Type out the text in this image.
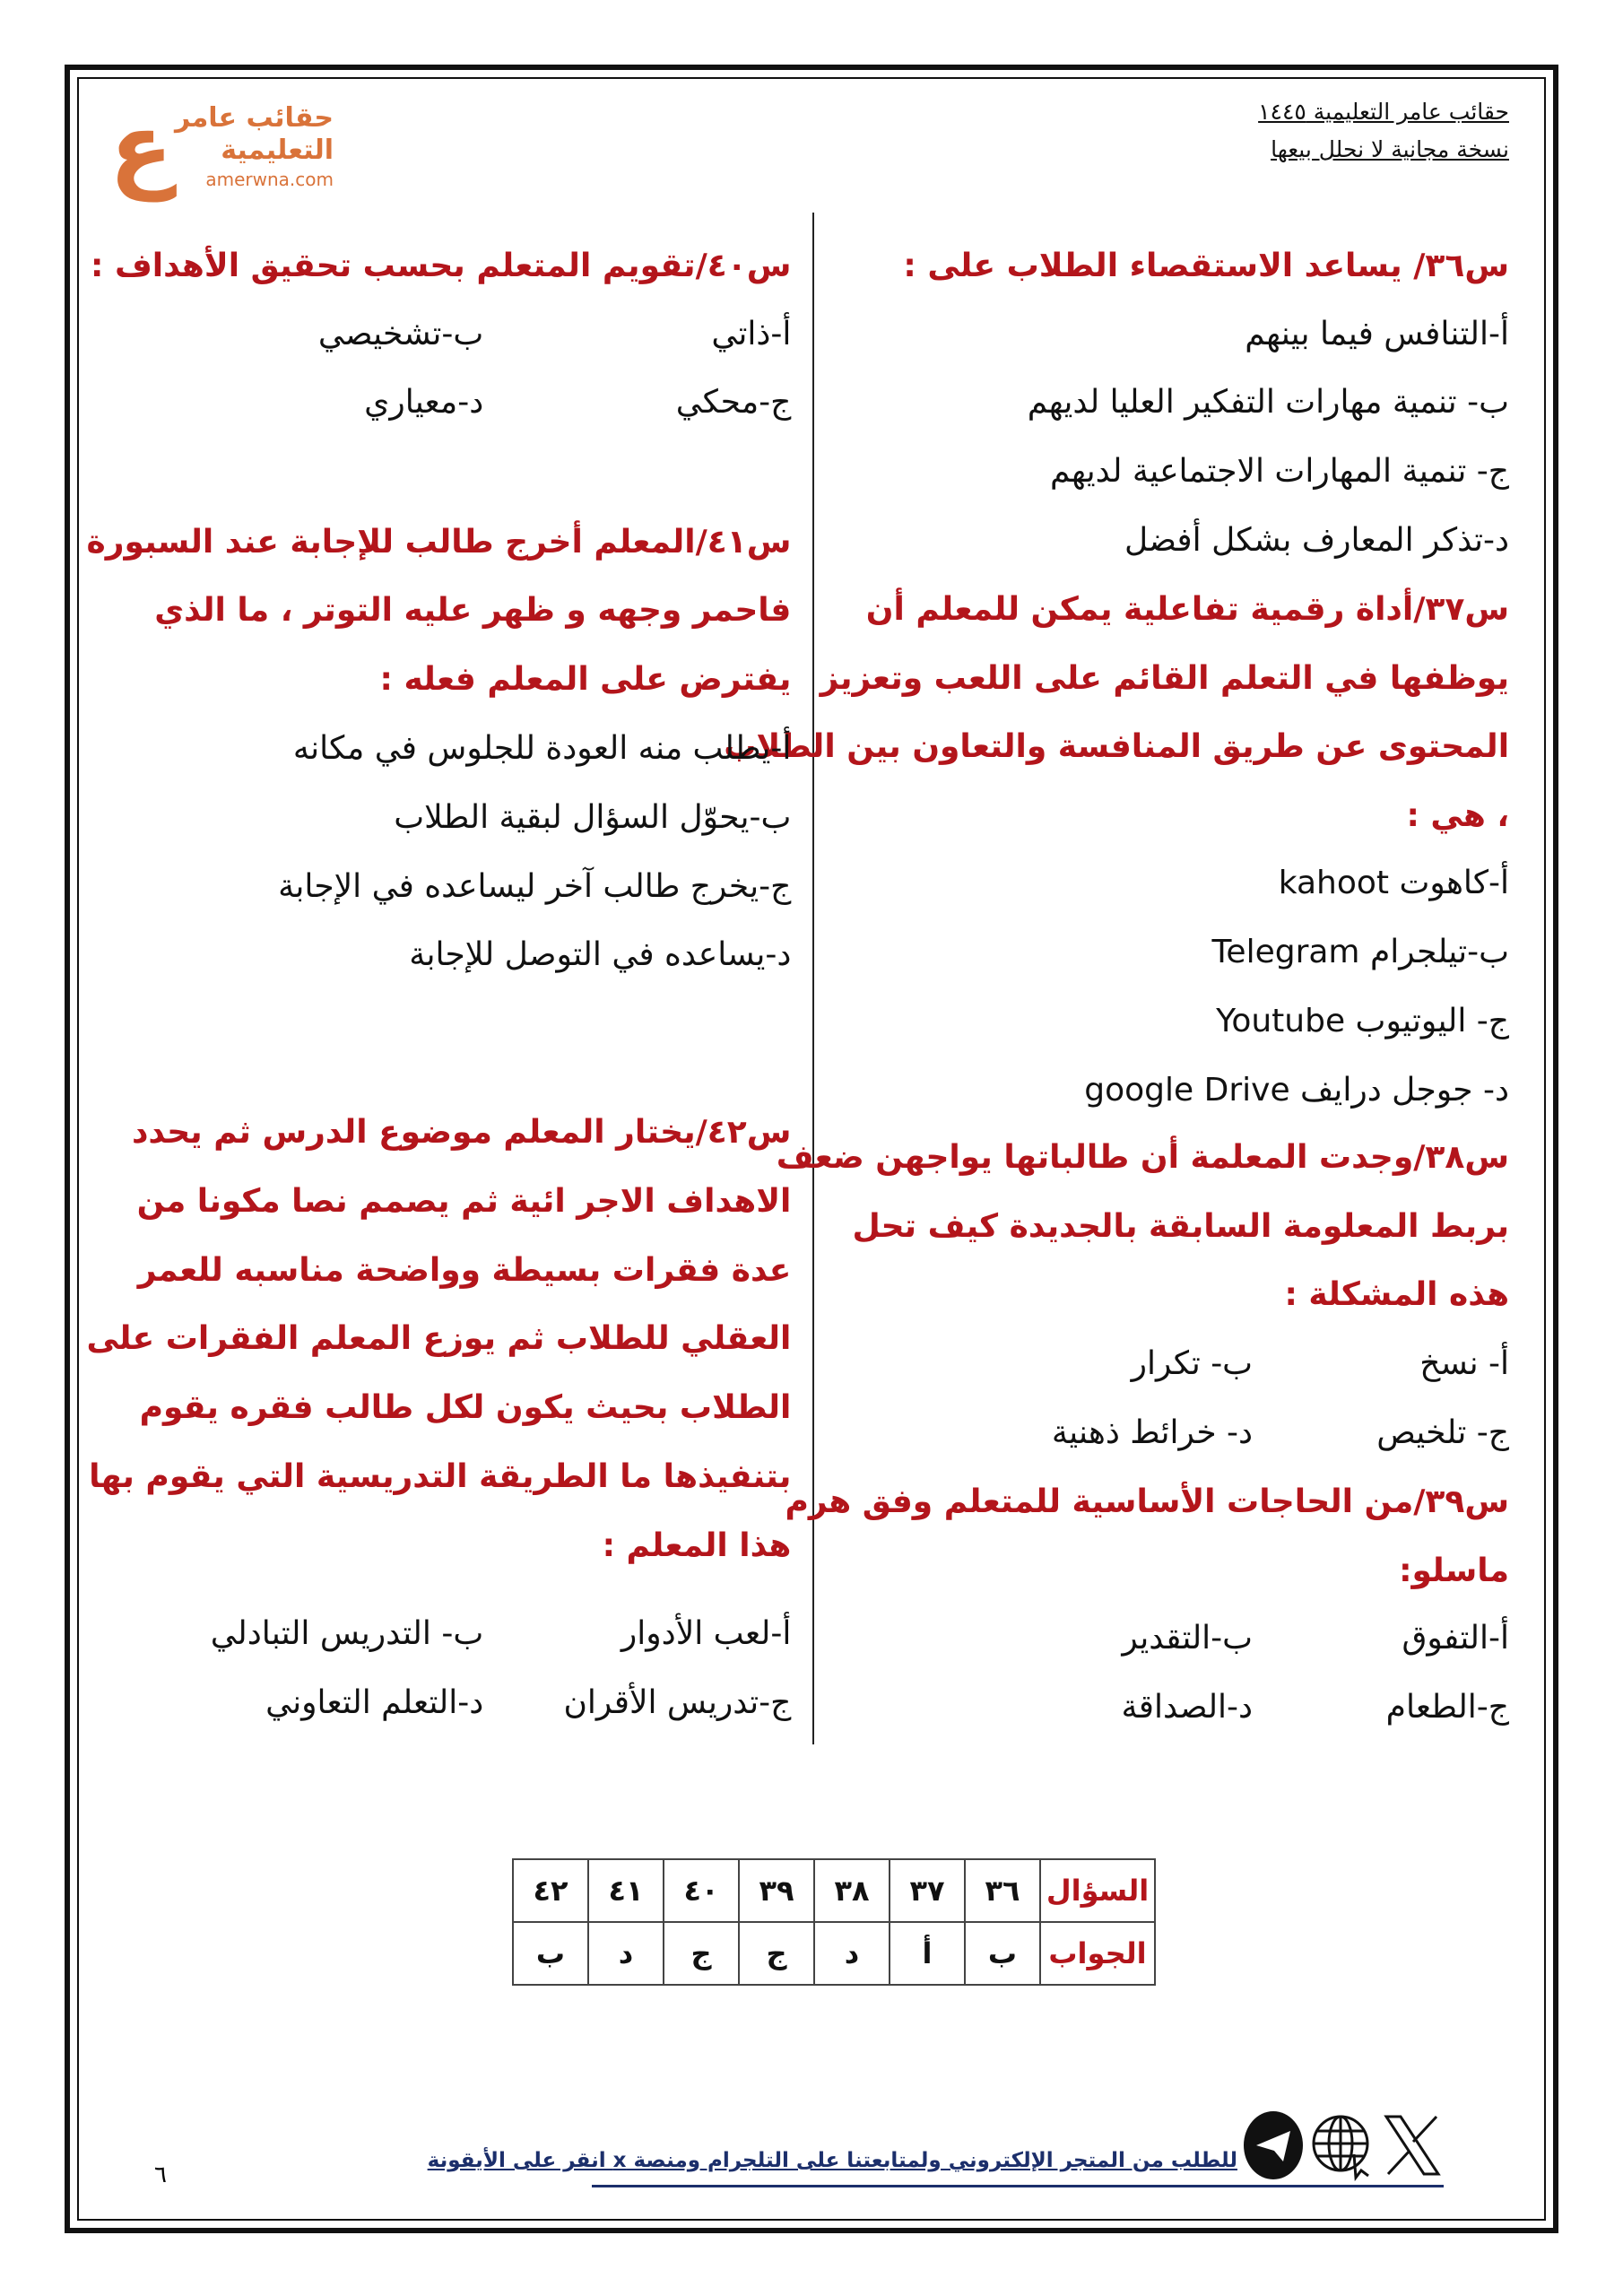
حقائب عامر التعليمية ١٤٤٥
نسخة مجانية لا نحلل بيعها
ع حقائب عامر
التعليمية
amerwna.com
س٣٦/ يساعد الاستقصاء الطلاب على :
أ-التنافس فيما بينهم
ب- تنمية مهارات التفكير العليا لديهم
ج- تنمية المهارات الاجتماعية لديهم
د-تذكر المعارف بشكل أفضل
س٣٧/أداة رقمية تفاعلية يمكن للمعلم أن
يوظفها في التعلم القائم على اللعب وتعزيز
المحتوى عن طريق المنافسة والتعاون بين الطلاب
، هي :
أ-كاهوت kahoot
ب-تيلجرام Telegram
ج- اليوتيوب Youtube
د- جوجل درايف google Drive
س٣٨/وجدت المعلمة أن طالباتها يواجهن ضعف
بربط المعلومة السابقة بالجديدة كيف تحل
هذه المشكلة :
أ- نسخ
ب- تكرار
ج- تلخيص
د- خرائط ذهنية
س٣٩/من الحاجات الأساسية للمتعلم وفق هرم
ماسلو:
أ-التفوق
ب-التقدير
ج-الطعام
د-الصداقة
س٤٠/تقويم المتعلم بحسب تحقيق الأهداف :
أ-ذاتي
ب-تشخيصي
ج-محكي
د-معياري
س٤١/المعلم أخرج طالب للإجابة عند السبورة
فاحمر وجهه و ظهر عليه التوتر ، ما الذي
يفترض على المعلم فعله :
أ-يطلب منه العودة للجلوس في مكانه
ب-يحوّل السؤال لبقية الطلاب
ج-يخرج طالب آخر ليساعده في الإجابة
د-يساعده في التوصل للإجابة
س٤٢/يختار المعلم موضوع الدرس ثم يحدد
الاهداف الاجر ائية ثم يصمم نصا مكونا من
عدة فقرات بسيطة وواضحة مناسبه للعمر
العقلي للطلاب ثم يوزع المعلم الفقرات على
الطلاب بحيث يكون لكل طالب فقره يقوم
بتنفيذها ما الطريقة التدريسية التي يقوم بها
هذا المعلم :
أ-لعب الأدوار
ب- التدريس التبادلي
ج-تدريس الأقران
د-التعلم التعاوني
السؤال	٣٦	٣٧	٣٨	٣٩	٤٠	٤١	٤٢
الجواب	ب	أ	د	ج	ج	د	ب
للطلب من المتجر الإلكتروني ولمتابعتنا على التلجرام ومنصة x انقر على الأيقونة
٦
